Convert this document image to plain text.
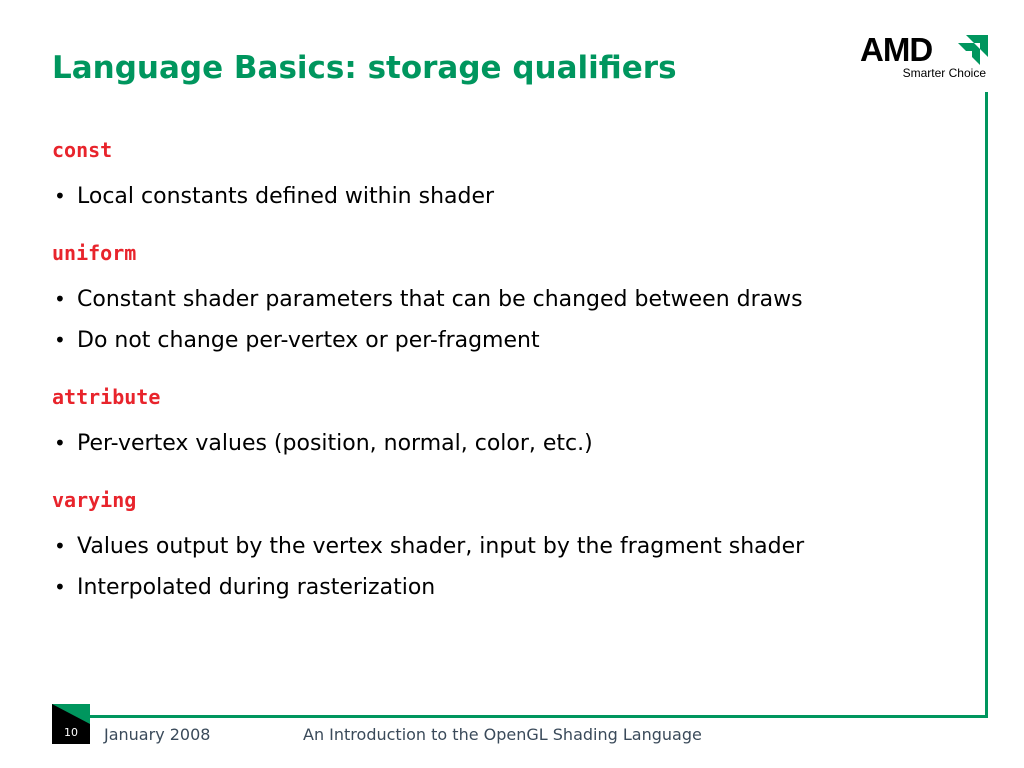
Language Basics: storage qualifiers	AMD
Smarter Choice

const

• Local constants defined within shader

uniform

• Constant shader parameters that can be changed between draws
• Do not change per-vertex or per-fragment

attribute

• Per-vertex values (position, normal, color, etc.)

varying

• Values output by the vertex shader, input by the fragment shader
• Interpolated during rasterization
10	January 2008	An Introduction to the OpenGL Shading Language
